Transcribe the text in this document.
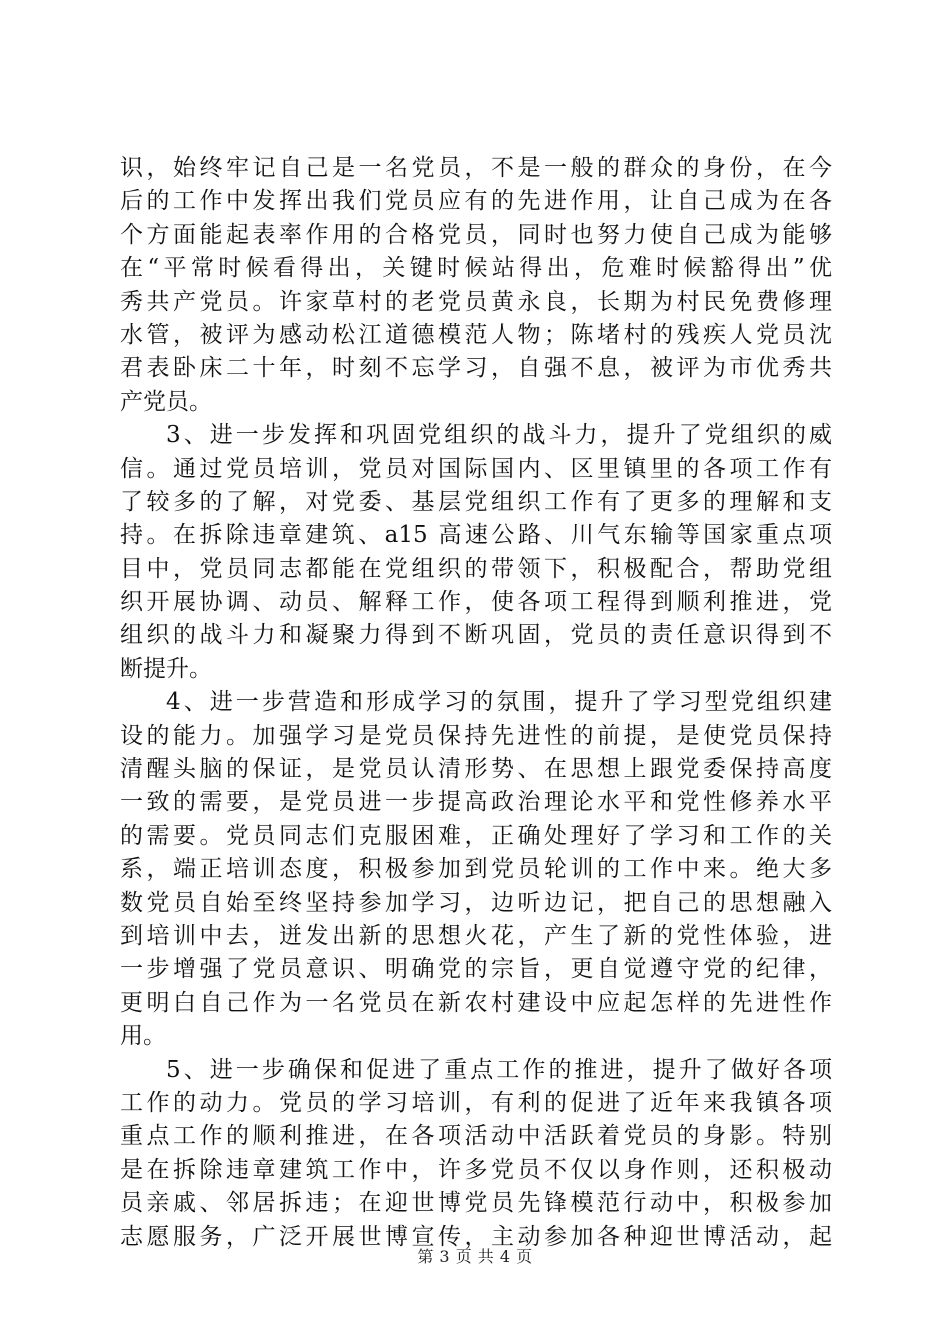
识，始终牢记自己是一名党员，不是一般的群众的身份，在今
后的工作中发挥出我们党员应有的先进作用，让自己成为在各
个方面能起表率作用的合格党员，同时也努力使自己成为能够
在“平常时候看得出，关键时候站得出，危难时候豁得出”优
秀共产党员。许家草村的老党员黄永良，长期为村民免费修理
水管，被评为感动松江道德模范人物；陈堵村的残疾人党员沈
君表卧床二十年，时刻不忘学习，自强不息，被评为市优秀共
产党员。
3、进一步发挥和巩固党组织的战斗力，提升了党组织的威
信。通过党员培训，党员对国际国内、区里镇里的各项工作有
了较多的了解，对党委、基层党组织工作有了更多的理解和支
持。在拆除违章建筑、a15 高速公路、川气东输等国家重点项
目中，党员同志都能在党组织的带领下，积极配合，帮助党组
织开展协调、动员、解释工作，使各项工程得到顺利推进，党
组织的战斗力和凝聚力得到不断巩固，党员的责任意识得到不
断提升。
4、进一步营造和形成学习的氛围，提升了学习型党组织建
设的能力。加强学习是党员保持先进性的前提，是使党员保持
清醒头脑的保证，是党员认清形势、在思想上跟党委保持高度
一致的需要，是党员进一步提高政治理论水平和党性修养水平
的需要。党员同志们克服困难，正确处理好了学习和工作的关
系，端正培训态度，积极参加到党员轮训的工作中来。绝大多
数党员自始至终坚持参加学习，边听边记，把自己的思想融入
到培训中去，迸发出新的思想火花，产生了新的党性体验，进
一步增强了党员意识、明确党的宗旨，更自觉遵守党的纪律，
更明白自己作为一名党员在新农村建设中应起怎样的先进性作
用。
5、进一步确保和促进了重点工作的推进，提升了做好各项
工作的动力。党员的学习培训，有利的促进了近年来我镇各项
重点工作的顺利推进，在各项活动中活跃着党员的身影。特别
是在拆除违章建筑工作中，许多党员不仅以身作则，还积极动
员亲戚、邻居拆违；在迎世博党员先锋模范行动中，积极参加
志愿服务，广泛开展世博宣传，主动参加各种迎世博活动，起
第 3 页 共 4 页
